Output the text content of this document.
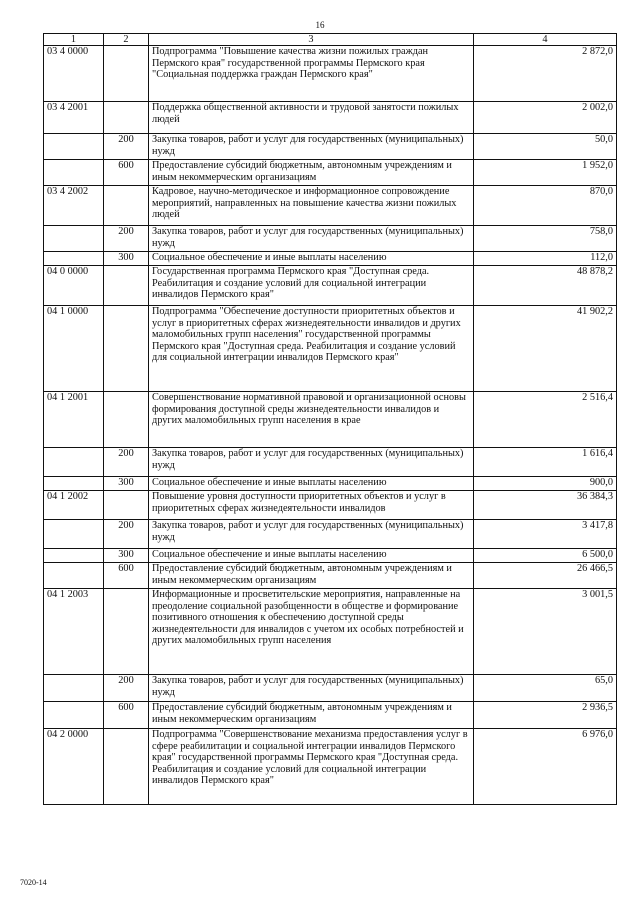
16
1	2	3	4
03 4 0000		Подпрограмма "Повышение качества жизни пожилых граждан Пермского края" государственной программы Пермского края "Социальная поддержка граждан Пермского края"	2 872,0
03 4 2001		Поддержка общественной активности и трудовой занятости пожилых людей	2 002,0
	200	Закупка товаров, работ и услуг для государственных (муниципальных) нужд	50,0
	600	Предоставление субсидий бюджетным, автономным учреждениям и иным некоммерческим организациям	1 952,0
03 4 2002		Кадровое, научно-методическое и информационное сопровождение мероприятий, направленных на повышение качества жизни пожилых людей	870,0
	200	Закупка товаров, работ и услуг для государственных (муниципальных) нужд	758,0
	300	Социальное обеспечение и иные выплаты населению	112,0
04 0 0000		Государственная программа Пермского края "Доступная среда. Реабилитация и создание условий для социальной интеграции инвалидов Пермского края"	48 878,2
04 1 0000		Подпрограмма "Обеспечение доступности приоритетных объектов и услуг в приоритетных сферах жизнедеятельности инвалидов и других маломобильных групп населения" государственной программы Пермского края "Доступная среда. Реабилитация и создание условий для социальной интеграции инвалидов Пермского края"	41 902,2
04 1 2001		Совершенствование нормативной правовой и организационной основы формирования доступной среды жизнедеятельности инвалидов и других маломобильных групп населения в крае	2 516,4
	200	Закупка товаров, работ и услуг для государственных (муниципальных) нужд	1 616,4
	300	Социальное обеспечение и иные выплаты населению	900,0
04 1 2002		Повышение уровня доступности приоритетных объектов и услуг в приоритетных сферах жизнедеятельности инвалидов	36 384,3
	200	Закупка товаров, работ и услуг для государственных (муниципальных) нужд	3 417,8
	300	Социальное обеспечение и иные выплаты населению	6 500,0
	600	Предоставление субсидий бюджетным, автономным учреждениям и иным некоммерческим организациям	26 466,5
04 1 2003		Информационные и просветительские мероприятия, направленные на преодоление социальной разобщенности в обществе и формирование позитивного отношения к обеспечению доступной среды жизнедеятельности для инвалидов с учетом их особых потребностей и других маломобильных групп населения	3 001,5
	200	Закупка товаров, работ и услуг для государственных (муниципальных) нужд	65,0
	600	Предоставление субсидий бюджетным, автономным учреждениям и иным некоммерческим организациям	2 936,5
04 2 0000		Подпрограмма "Совершенствование механизма предоставления услуг в сфере реабилитации и социальной интеграции инвалидов Пермского края" государственной программы Пермского края "Доступная среда. Реабилитация и создание условий для социальной интеграции инвалидов Пермского края"	6 976,0
7020-14
